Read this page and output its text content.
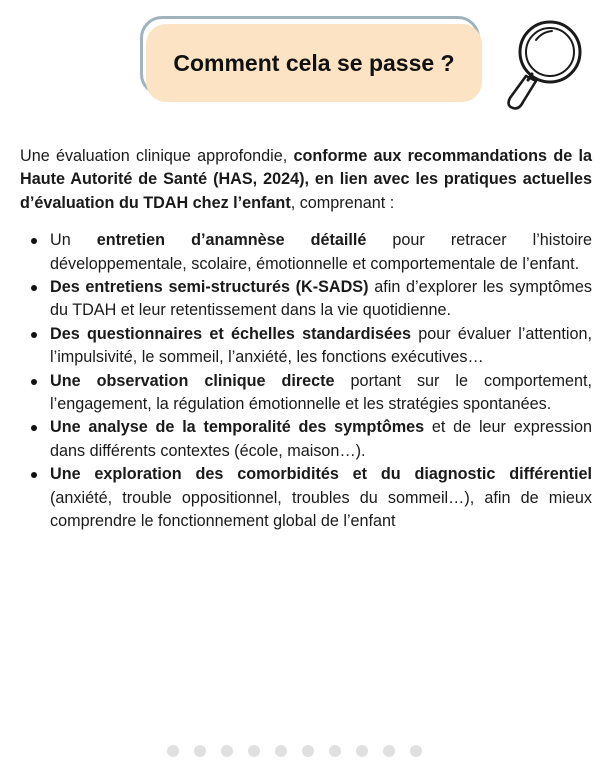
Comment cela se passe ?

Une évaluation clinique approfondie, conforme aux recommandations de la Haute Autorité de Santé (HAS, 2024), en lien avec les pratiques actuelles d’évaluation du TDAH chez l’enfant, comprenant :

Un entretien d’anamnèse détaillé pour retracer l’histoire développementale, scolaire, émotionnelle et comportementale de l’enfant.
Des entretiens semi-structurés (K-SADS) afin d’explorer les symptômes du TDAH et leur retentissement dans la vie quotidienne.
Des questionnaires et échelles standardisées pour évaluer l’attention, l’impulsivité, le sommeil, l’anxiété, les fonctions exécutives…
Une observation clinique directe portant sur le comportement, l’engagement, la régulation émotionnelle et les stratégies spontanées.
Une analyse de la temporalité des symptômes et de leur expression dans différents contextes (école, maison…).
Une exploration des comorbidités et du diagnostic différentiel (anxiété, trouble oppositionnel, troubles du sommeil…), afin de mieux comprendre le fonctionnement global de l’enfant
